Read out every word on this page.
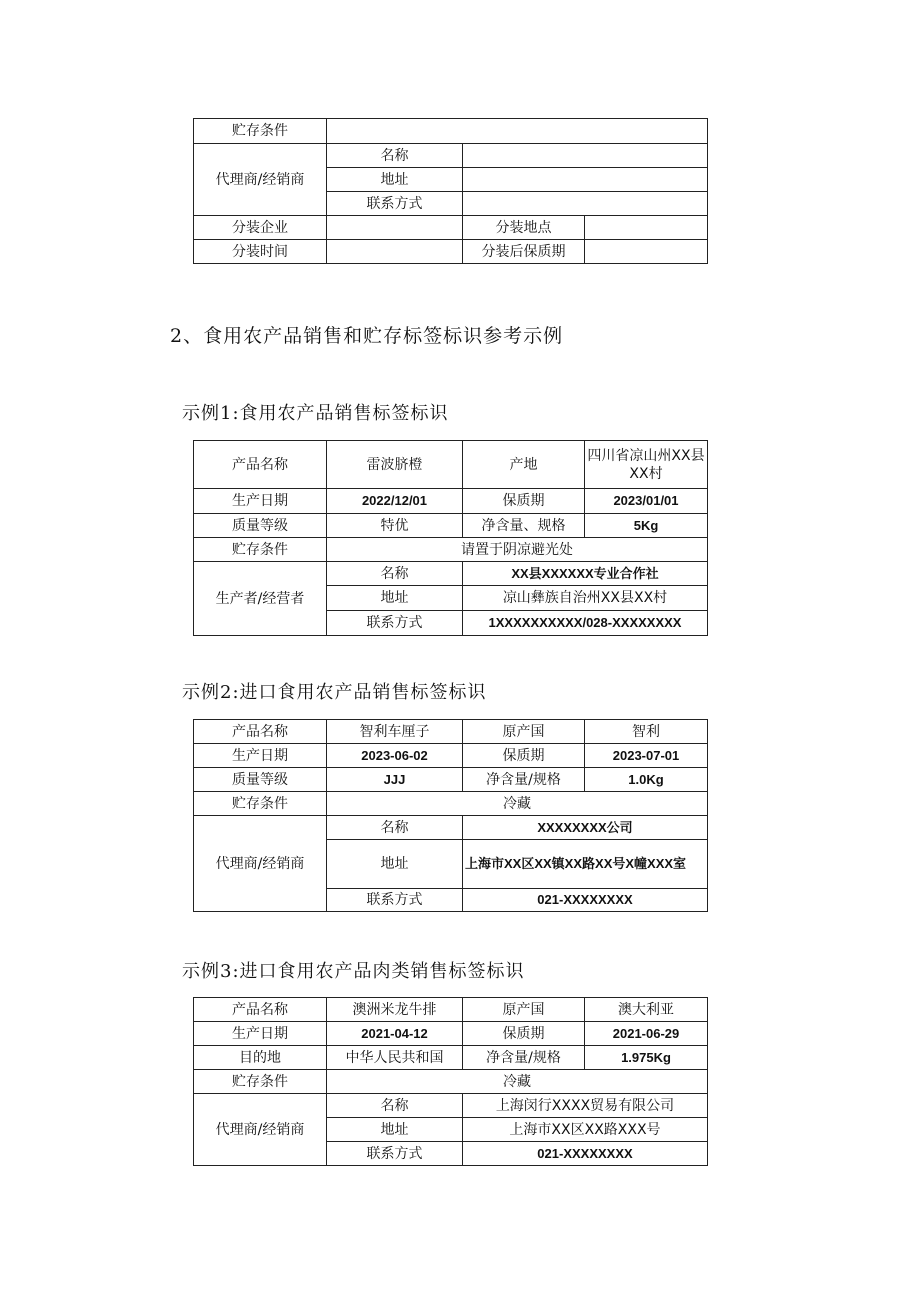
贮存条件			
代理商/经销商	名称		
	地址		
	联系方式		
分装企业		分装地点	
分装时间		分装后保质期	
2、食用农产品销售和贮存标签标识参考示例
示例1:食用农产品销售标签标识
产品名称	雷波脐橙	产地	四川省凉山州XX县XX村
生产日期	2022/12/01	保质期	2023/01/01
质量等级	特优	净含量、规格	5Kg
贮存条件	请置于阴凉避光处		
生产者/经营者	名称	XX县XXXXXX专业合作社	
	地址	凉山彝族自治州XX县XX村	
	联系方式	1XXXXXXXXXX/028-XXXXXXXX	
示例2:进口食用农产品销售标签标识
产品名称	智利车厘子	原产国	智利
生产日期	2023-06-02	保质期	2023-07-01
质量等级	JJJ	净含量/规格	1.0Kg
贮存条件	冷藏		
代理商/经销商	名称	XXXXXXXX公司	
	地址	上海市XX区XX镇XX路XX号X幢XXX室	
	联系方式	021-XXXXXXXX	
示例3:进口食用农产品肉类销售标签标识
产品名称	澳洲米龙牛排	原产国	澳大利亚
生产日期	2021-04-12	保质期	2021-06-29
目的地	中华人民共和国	净含量/规格	1.975Kg
贮存条件	冷藏		
代理商/经销商	名称	上海闵行XXXX贸易有限公司	
	地址	上海市XX区XX路XXX号	
	联系方式	021-XXXXXXXX	
